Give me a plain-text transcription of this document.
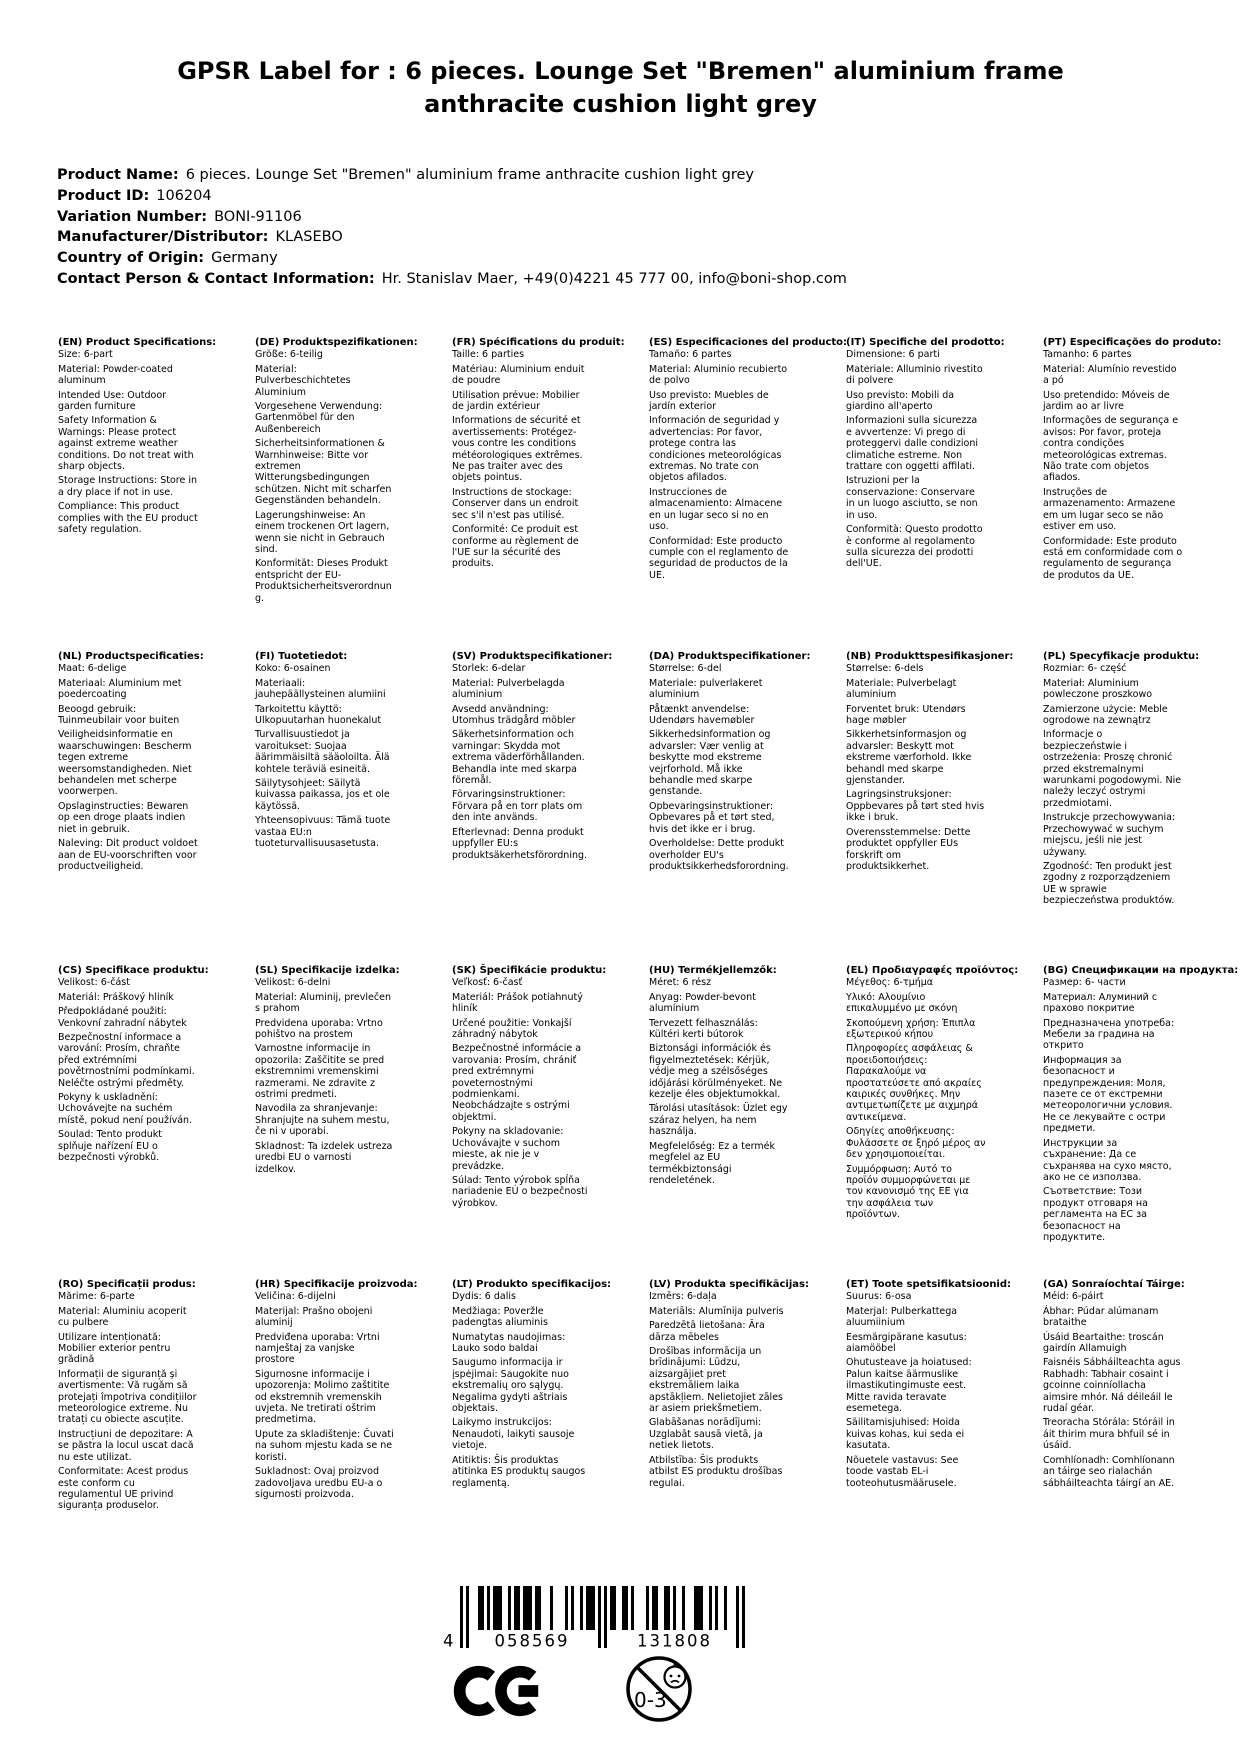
GPSR Label for : 6 pieces. Lounge Set "Bremen" aluminium frame anthracite cushion light grey
Product Name: 6 pieces. Lounge Set "Bremen" aluminium frame anthracite cushion light grey
Product ID: 106204
Variation Number: BONI-91106
Manufacturer/Distributor: KLASEBO
Country of Origin: Germany
Contact Person & Contact Information: Hr. Stanislav Maer, +49(0)4221 45 777 00, info@boni-shop.com
(EN) Product Specifications:
Size: 6-part
Material: Powder-coated aluminum
Intended Use: Outdoor garden furniture
Safety Information & Warnings: Please protect against extreme weather conditions. Do not treat with sharp objects.
Storage Instructions: Store in a dry place if not in use.
Compliance: This product complies with the EU product safety regulation.
(DE) Produktspezifikationen:
Größe: 6-teilig
Material: Pulverbeschichtetes Aluminium
Vorgesehene Verwendung: Gartenmöbel für den Außenbereich
Sicherheitsinformationen & Warnhinweise: Bitte vor extremen Witterungsbedingungen schützen. Nicht mit scharfen Gegenständen behandeln.
Lagerungshinweise: An einem trockenen Ort lagern, wenn sie nicht in Gebrauch sind.
Konformität: Dieses Produkt entspricht der EU-Produktsicherheitsverordnung.
(FR) Spécifications du produit:
Taille: 6 parties
Matériau: Aluminium enduit de poudre
Utilisation prévue: Mobilier de jardin extérieur
Informations de sécurité et avertissements: Protégez-vous contre les conditions météorologiques extrêmes. Ne pas traiter avec des objets pointus.
Instructions de stockage: Conserver dans un endroit sec s'il n'est pas utilisé.
Conformité: Ce produit est conforme au règlement de l'UE sur la sécurité des produits.
(ES) Especificaciones del producto:
Tamaño: 6 partes
Material: Aluminio recubierto de polvo
Uso previsto: Muebles de jardín exterior
Información de seguridad y advertencias: Por favor, protege contra las condiciones meteorológicas extremas. No trate con objetos afilados.
Instrucciones de almacenamiento: Almacene en un lugar seco si no en uso.
Conformidad: Este producto cumple con el reglamento de seguridad de productos de la UE.
(IT) Specifiche del prodotto:
Dimensione: 6 parti
Materiale: Alluminio rivestito di polvere
Uso previsto: Mobili da giardino all'aperto
Informazioni sulla sicurezza e avvertenze: Vi prego di proteggervi dalle condizioni climatiche estreme. Non trattare con oggetti affilati.
Istruzioni per la conservazione: Conservare in un luogo asciutto, se non in uso.
Conformità: Questo prodotto è conforme al regolamento sulla sicurezza dei prodotti dell'UE.
(PT) Especificações do produto:
Tamanho: 6 partes
Material: Alumínio revestido a pó
Uso pretendido: Móveis de jardim ao ar livre
Informações de segurança e avisos: Por favor, proteja contra condições meteorológicas extremas. Não trate com objetos afiados.
Instruções de armazenamento: Armazene em um lugar seco se não estiver em uso.
Conformidade: Este produto está em conformidade com o regulamento de segurança de produtos da UE.
(NL) Productspecificaties:
Maat: 6-delige
Materiaal: Aluminium met poedercoating
Beoogd gebruik: Tuinmeubilair voor buiten
Veiligheidsinformatie en waarschuwingen: Bescherm tegen extreme weersomstandigheden. Niet behandelen met scherpe voorwerpen.
Opslaginstructies: Bewaren op een droge plaats indien niet in gebruik.
Naleving: Dit product voldoet aan de EU-voorschriften voor productveiligheid.
(FI) Tuotetiedot:
Koko: 6-osainen
Materiaali: jauhepäällysteinen alumiini
Tarkoitettu käyttö: Ulkopuutarhan huonekalut
Turvallisuustiedot ja varoitukset: Suojaa äärimmäisiltä sääoloilta. Älä kohtele teräviä esineitä.
Säilytysohjeet: Säilytä kuivassa paikassa, jos et ole käytössä.
Yhteensopivuus: Tämä tuote vastaa EU:n tuoteturvallisuusasetusta.
(SV) Produktspecifikationer:
Storlek: 6-delar
Material: Pulverbelagda aluminium
Avsedd användning: Utomhus trädgård möbler
Säkerhetsinformation och varningar: Skydda mot extrema väderförhållanden. Behandla inte med skarpa föremål.
Förvaringsinstruktioner: Förvara på en torr plats om den inte används.
Efterlevnad: Denna produkt uppfyller EU:s produktsäkerhetsförordning.
(DA) Produktspecifikationer:
Størrelse: 6-del
Materiale: pulverlakeret aluminium
Påtænkt anvendelse: Udendørs havemøbler
Sikkerhedsinformation og advarsler: Vær venlig at beskytte mod ekstreme vejrforhold. Må ikke behandle med skarpe genstande.
Opbevaringsinstruktioner: Opbevares på et tørt sted, hvis det ikke er i brug.
Overholdelse: Dette produkt overholder EU's produktsikkerhedsforordning.
(NB) Produkttspesifikasjoner:
Størrelse: 6-dels
Materiale: Pulverbelagt aluminium
Forventet bruk: Utendørs hage møbler
Sikkerhetsinformasjon og advarsler: Beskytt mot ekstreme værforhold. Ikke behandl med skarpe gjenstander.
Lagringsinstruksjoner: Oppbevares på tørt sted hvis ikke i bruk.
Overensstemmelse: Dette produktet oppfyller EUs forskrift om produktsikkerhet.
(PL) Specyfikacje produktu:
Rozmiar: 6- część
Materiał: Aluminium powleczone proszkowo
Zamierzone użycie: Meble ogrodowe na zewnątrz
Informacje o bezpieczeństwie i ostrzeżenia: Proszę chronić przed ekstremalnymi warunkami pogodowymi. Nie należy leczyć ostrymi przedmiotami.
Instrukcje przechowywania: Przechowywać w suchym miejscu, jeśli nie jest używany.
Zgodność: Ten produkt jest zgodny z rozporządzeniem UE w sprawie bezpieczeństwa produktów.
(CS) Specifikace produktu:
Velikost: 6-část
Materiál: Práškový hliník
Předpokládané použití: Venkovní zahradní nábytek
Bezpečnostní informace a varování: Prosím, chraňte před extrémními povětrnostními podmínkami. Neléčte ostrými předměty.
Pokyny k uskladnění: Uchovávejte na suchém místě, pokud není používán.
Soulad: Tento produkt splňuje nařízení EU o bezpečnosti výrobků.
(SL) Specifikacije izdelka:
Velikost: 6-delni
Material: Aluminij, prevlečen s prahom
Predvidena uporaba: Vrtno pohištvo na prostem
Varnostne informacije in opozorila: Zaščitite se pred ekstremnimi vremenskimi razmerami. Ne zdravite z ostrimi predmeti.
Navodila za shranjevanje: Shranjujte na suhem mestu, če ni v uporabi.
Skladnost: Ta izdelek ustreza uredbi EU o varnosti izdelkov.
(SK) Špecifikácie produktu:
Veľkosť: 6-časť
Materiál: Prášok potiahnutý hliník
Určené použitie: Vonkajší záhradný nábytok
Bezpečnostné informácie a varovania: Prosím, chrániť pred extrémnymi poveternostnými podmienkami. Neobchádzajte s ostrými objektmi.
Pokyny na skladovanie: Uchovávajte v suchom mieste, ak nie je v prevádzke.
Súlad: Tento výrobok spĺňa nariadenie EÚ o bezpečnosti výrobkov.
(HU) Termékjellemzők:
Méret: 6 rész
Anyag: Powder-bevont alumínium
Tervezett felhasználás: Kültéri kerti bútorok
Biztonsági információk és figyelmeztetések: Kérjük, védje meg a szélsőséges időjárási körülményeket. Ne kezelje éles objektumokkal.
Tárolási utasítások: Üzlet egy száraz helyen, ha nem használja.
Megfelelőség: Ez a termék megfelel az EU termékbiztonsági rendeletének.
(EL) Προδιαγραφές προϊόντος:
Μέγεθος: 6-τμήμα
Υλικό: Αλουμίνιο επικαλυμμένο με σκόνη
Σκοπούμενη χρήση: Έπιπλα εξωτερικού κήπου
Πληροφορίες ασφάλειας & προειδοποιήσεις: Παρακαλούμε να προστατεύσετε από ακραίες καιρικές συνθήκες. Μην αντιμετωπίζετε με αιχμηρά αντικείμενα.
Οδηγίες αποθήκευσης: Φυλάσσετε σε ξηρό μέρος αν δεν χρησιμοποιείται.
Συμμόρφωση: Αυτό το προϊόν συμμορφώνεται με τον κανονισμό της ΕΕ για την ασφάλεια των προϊόντων.
(BG) Спецификации на продукта:
Размер: 6- части
Материал: Алуминий с прахово покритие
Предназначена употреба: Мебели за градина на открито
Информация за безопасност и предупреждения: Моля, пазете се от екстремни метеорологични условия. Не се лекувайте с остри предмети.
Инструкции за съхранение: Да се съхранява на сухо място, ако не се използва.
Съответствие: Този продукт отговаря на регламента на ЕС за безопасност на продуктите.
(RO) Specificații produs:
Mărime: 6-parte
Material: Aluminiu acoperit cu pulbere
Utilizare intenționată: Mobilier exterior pentru grădină
Informații de siguranță și avertismente: Vă rugăm să protejați împotriva condițiilor meteorologice extreme. Nu tratați cu obiecte ascuțite.
Instrucțiuni de depozitare: A se păstra la locul uscat dacă nu este utilizat.
Conformitate: Acest produs este conform cu regulamentul UE privind siguranța produselor.
(HR) Specifikacije proizvoda:
Veličina: 6-dijelni
Materijal: Prašno obojeni aluminij
Predviđena uporaba: Vrtni namještaj za vanjske prostore
Sigurnosne informacije i upozorenja: Molimo zaštitite od ekstremnih vremenskih uvjeta. Ne tretirati oštrim predmetima.
Upute za skladištenje: Čuvati na suhom mjestu kada se ne koristi.
Sukladnost: Ovaj proizvod zadovoljava uredbu EU-a o sigurnosti proizvoda.
(LT) Produkto specifikacijos:
Dydis: 6 dalis
Medžiaga: Poveržle padengtas aliuminis
Numatytas naudojimas: Lauko sodo baldai
Saugumo informacija ir įspėjimai: Saugokite nuo ekstremalių oro sąlygų. Negalima gydyti aštriais objektais.
Laikymo instrukcijos: Nenaudoti, laikyti sausoje vietoje.
Atitiktis: Šis produktas atitinka ES produktų saugos reglamentą.
(LV) Produkta specifikācijas:
Izmērs: 6-daļa
Materiāls: Alumīnija pulveris
Paredzētā lietošana: Āra dārza mēbeles
Drošības informācija un brīdinājumi: Lūdzu, aizsargājiet pret ekstremāliem laika apstākļiem. Nelietojiet zāles ar asiem priekšmetiem.
Glabāšanas norādījumi: Uzglabāt sausā vietā, ja netiek lietots.
Atbilstība: Šis produkts atbilst ES produktu drošības regulai.
(ET) Toote spetsifikatsioonid:
Suurus: 6-osa
Materjal: Pulberkattega aluumiinium
Eesmärgipärane kasutus: aiamööbel
Ohutusteave ja hoiatused: Palun kaitse äärmuslike ilmastikutingimuste eest. Mitte ravida teravate esemetega.
Säilitamisjuhised: Hoida kuivas kohas, kui seda ei kasutata.
Nõuetele vastavus: See toode vastab EL-i tooteohutusmäärusele.
(GA) Sonraíochtaí Táirge:
Méid: 6-páirt
Ábhar: Púdar alúmanam brataithe
Úsáid Beartaithe: troscán gairdín Allamuigh
Faisnéis Sábháilteachta agus Rabhadh: Tabhair cosaint i gcoinne coinníollacha aimsire mhór. Ná déileáil le rudaí géar.
Treoracha Stórála: Stóráil in áit thirim mura bhfuil sé in úsáid.
Comhlíonadh: Comhlíonann an táirge seo rialachán sábháilteachta táirgí an AE.
4 058569	131808
0-3
